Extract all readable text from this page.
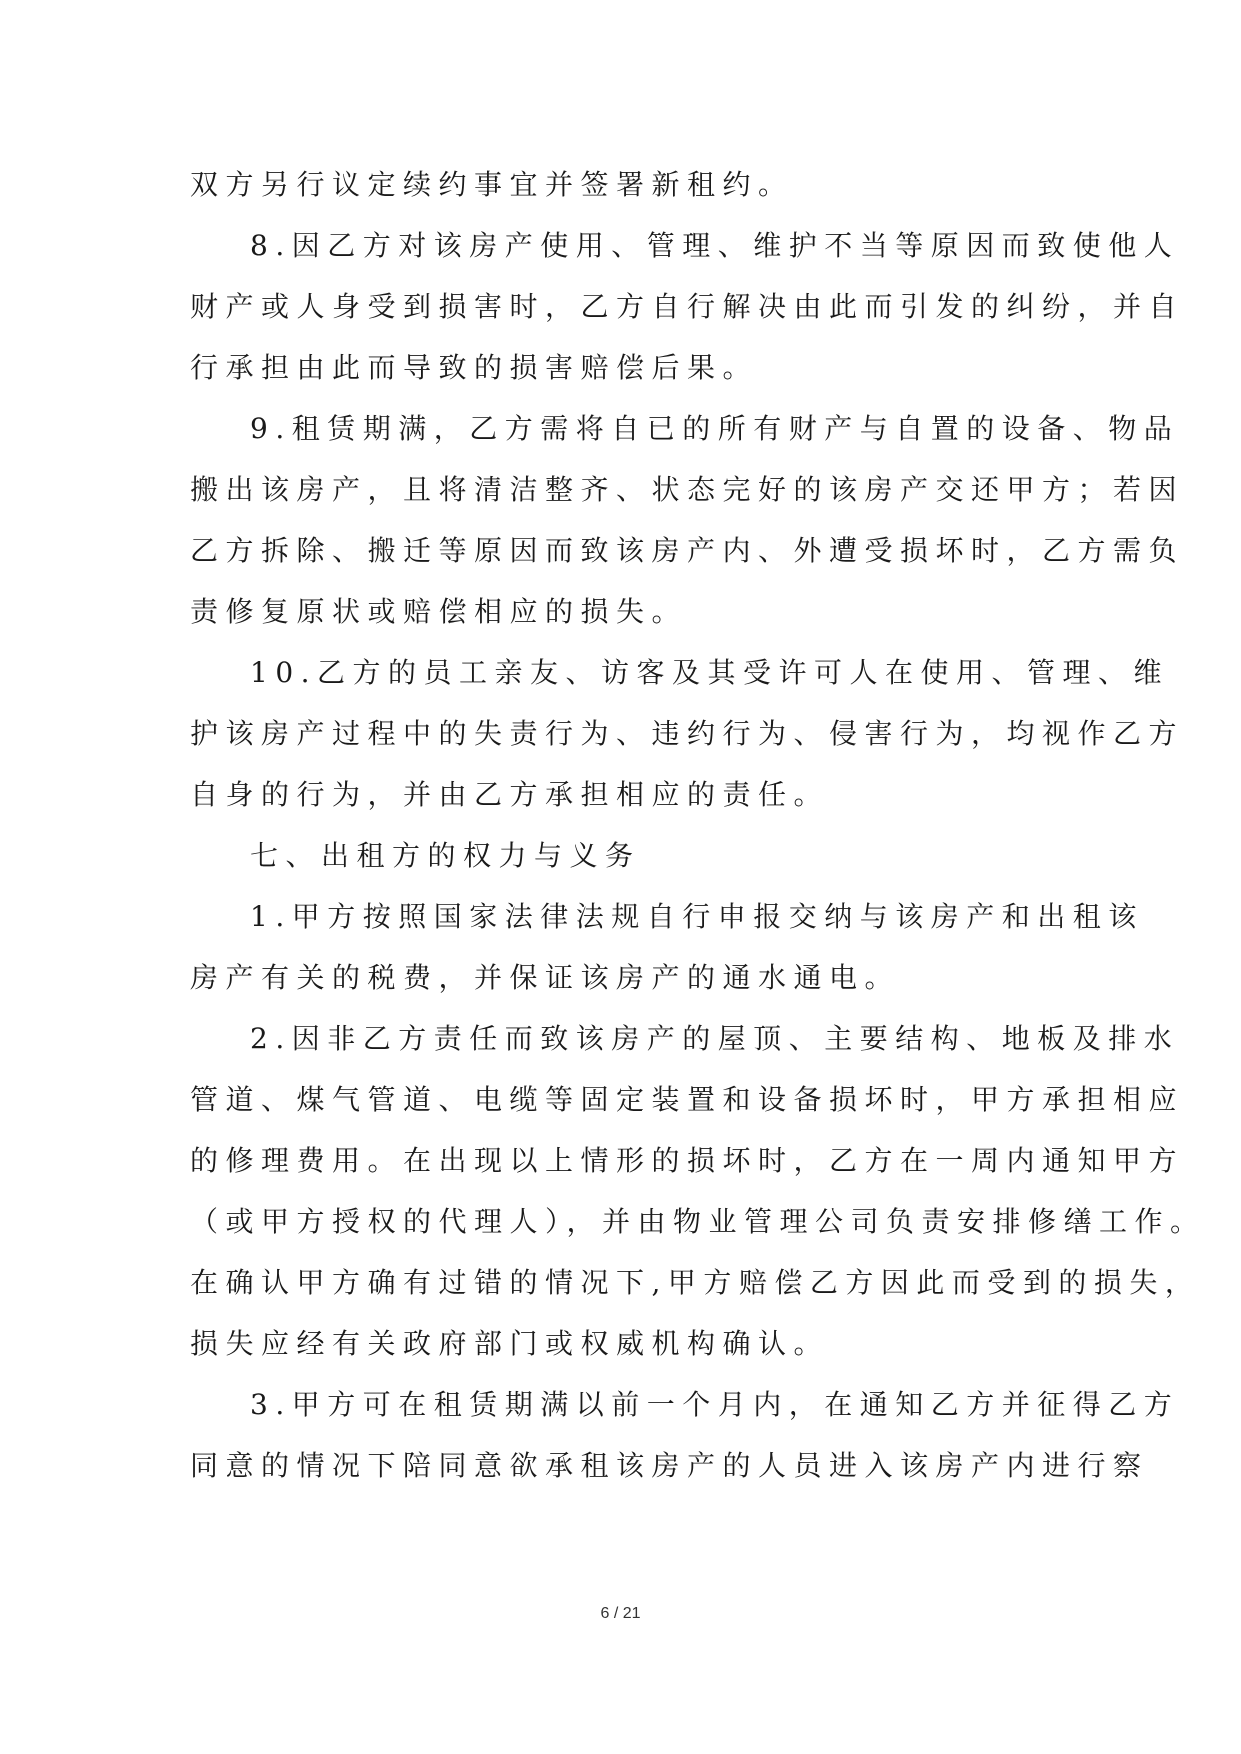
双方另行议定续约事宜并签署新租约。
8.因乙方对该房产使用、管理、维护不当等原因而致使他人
财产或人身受到损害时，乙方自行解决由此而引发的纠纷，并自
行承担由此而导致的损害赔偿后果。
9.租赁期满，乙方需将自已的所有财产与自置的设备、物品
搬出该房产，且将清洁整齐、状态完好的该房产交还甲方；若因
乙方拆除、搬迁等原因而致该房产内、外遭受损坏时，乙方需负
责修复原状或赔偿相应的损失。
10.乙方的员工亲友、访客及其受许可人在使用、管理、维
护该房产过程中的失责行为、违约行为、侵害行为，均视作乙方
自身的行为，并由乙方承担相应的责任。
七、出租方的权力与义务
1.甲方按照国家法律法规自行申报交纳与该房产和出租该
房产有关的税费，并保证该房产的通水通电。
2.因非乙方责任而致该房产的屋顶、主要结构、地板及排水
管道、煤气管道、电缆等固定装置和设备损坏时，甲方承担相应
的修理费用。在出现以上情形的损坏时，乙方在一周内通知甲方
（或甲方授权的代理人），并由物业管理公司负责安排修缮工作。
在确认甲方确有过错的情况下,甲方赔偿乙方因此而受到的损失，
损失应经有关政府部门或权威机构确认。
3.甲方可在租赁期满以前一个月内，在通知乙方并征得乙方
同意的情况下陪同意欲承租该房产的人员进入该房产内进行察
6 / 21
